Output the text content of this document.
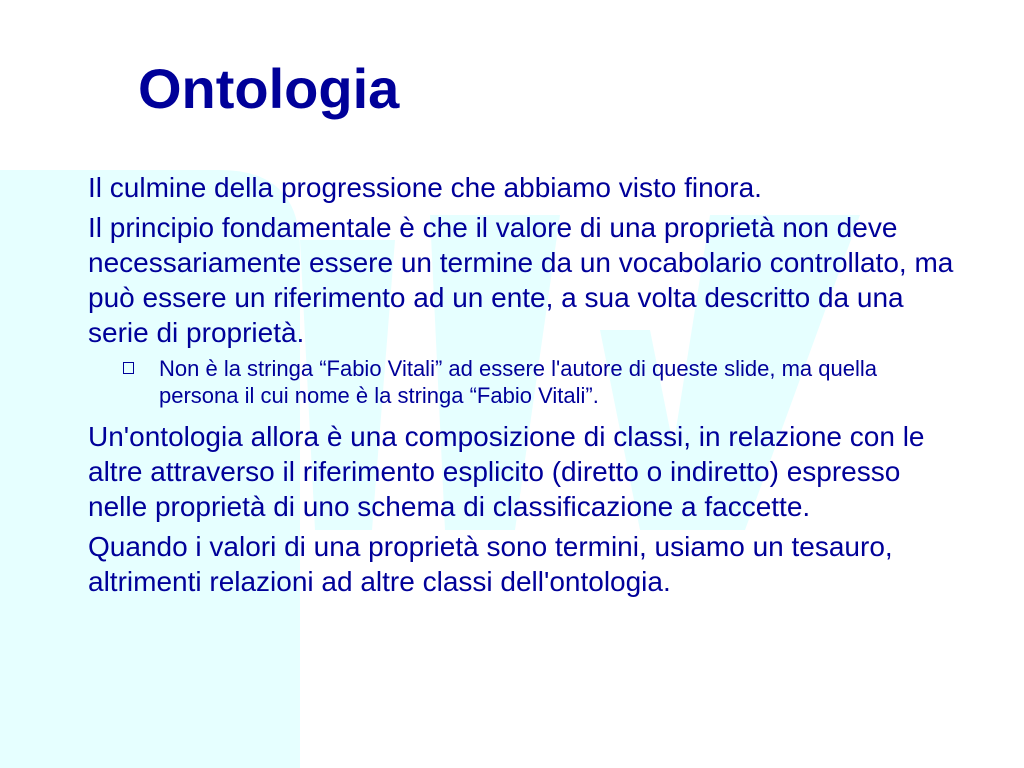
Ontologia

Il culmine della progressione che abbiamo visto finora.

Il principio fondamentale è che il valore di una proprietà non deve necessariamente essere un termine da un vocabolario controllato, ma può essere un riferimento ad un ente, a sua volta descritto da una serie di proprietà.

Non è la stringa “Fabio Vitali” ad essere l'autore di queste slide, ma quella persona il cui nome è la stringa “Fabio Vitali”.

Un'ontologia allora è una composizione di classi, in relazione con le altre attraverso il riferimento esplicito (diretto o indiretto) espresso nelle proprietà di uno schema di classificazione a faccette.

Quando i valori di una proprietà sono termini, usiamo un tesauro, altrimenti relazioni ad altre classi dell'ontologia.
